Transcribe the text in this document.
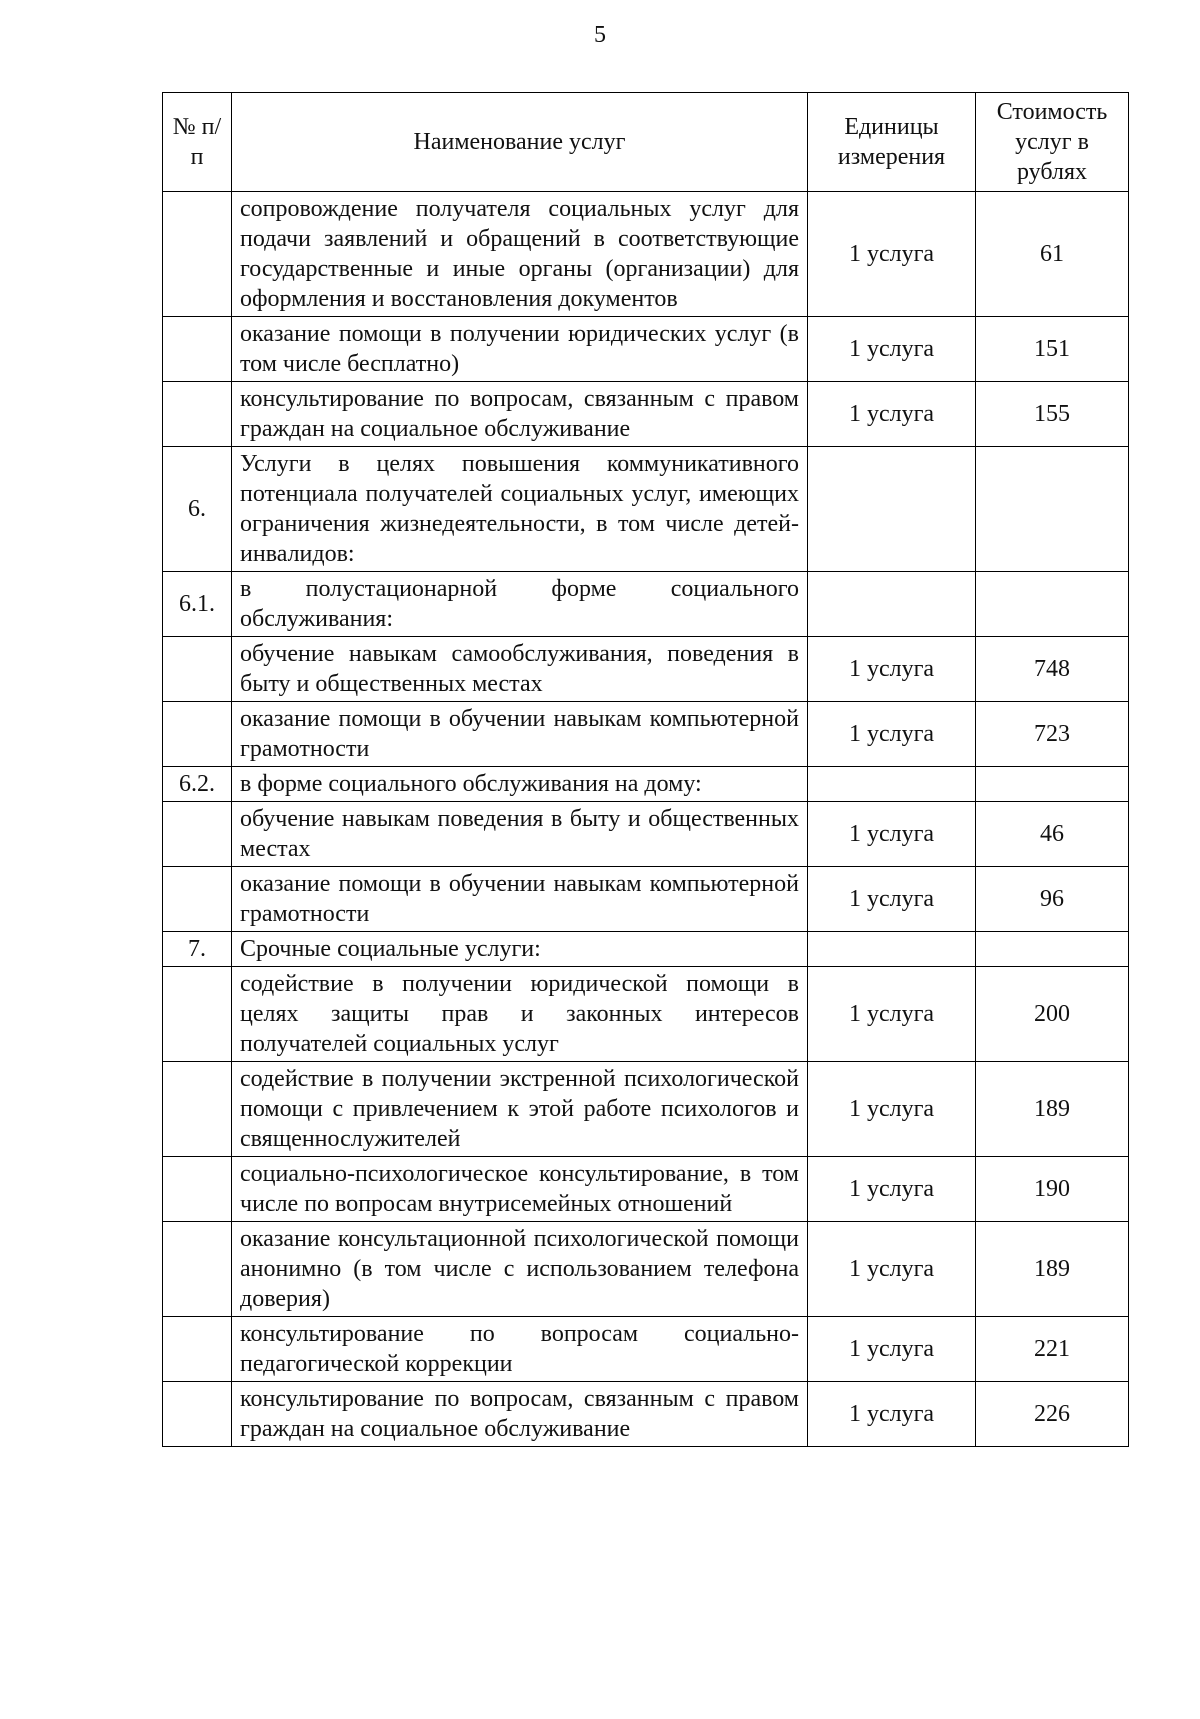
5
№ п/п	Наименование услуг	Единицы измерения	Стоимость услуг в рублях
	сопровождение получателя социальных услуг для подачи заявлений и обращений в соответствующие государственные и иные органы (организации) для оформления и восстановления документов	1 услуга	61
	оказание помощи в получении юридических услуг (в том числе бесплатно)	1 услуга	151
	консультирование по вопросам, связанным с правом граждан на социальное обслуживание	1 услуга	155
6.	Услуги в целях повышения коммуникативного потенциала получателей социальных услуг, имеющих ограничения жизнедеятельности, в том числе детей-инвалидов:		
6.1.	в полустационарной форме социального обслуживания:		
	обучение навыкам самообслуживания, поведения в быту и общественных местах	1 услуга	748
	оказание помощи в обучении навыкам компьютерной грамотности	1 услуга	723
6.2.	в форме социального обслуживания на дому:		
	обучение навыкам поведения в быту и общественных местах	1 услуга	46
	оказание помощи в обучении навыкам компьютерной грамотности	1 услуга	96
7.	Срочные социальные услуги:		
	содействие в получении юридической помощи в целях защиты прав и законных интересов получателей социальных услуг	1 услуга	200
	содействие в получении экстренной психологической помощи с привлечением к этой работе психологов и священнослужителей	1 услуга	189
	социально-психологическое консультирование, в том числе по вопросам внутрисемейных отношений	1 услуга	190
	оказание консультационной психологической помощи анонимно (в том числе с использованием телефона доверия)	1 услуга	189
	консультирование по вопросам социально-педагогической коррекции	1 услуга	221
	консультирование по вопросам, связанным с правом граждан на социальное обслуживание	1 услуга	226
